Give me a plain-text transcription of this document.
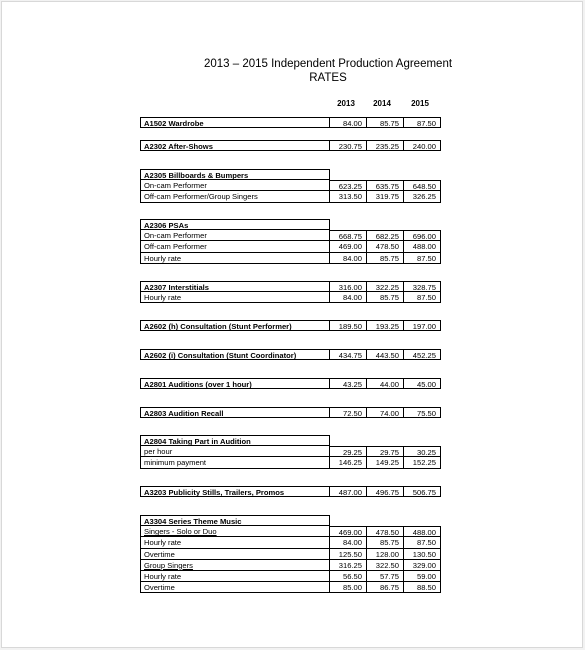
2013 – 2015 Independent Production Agreement
RATES
2013	2014	2015
A1502 Wardrobe	84.00	85.75	87.50
A2302 After-Shows	230.75	235.25	240.00
A2305 Billboards & Bumpers
On-cam Performer	623.25	635.75	648.50
Off-cam Performer/Group Singers	313.50	319.75	326.25
A2306 PSAs
On-cam Performer	668.75	682.25	696.00
Off-cam Performer	469.00	478.50	488.00
Hourly rate	84.00	85.75	87.50
A2307 Interstitials	316.00	322.25	328.75
Hourly rate	84.00	85.75	87.50
A2602 (h) Consultation (Stunt Performer)	189.50	193.25	197.00
A2602 (i) Consultation (Stunt Coordinator)	434.75	443.50	452.25
A2801 Auditions (over 1 hour)	43.25	44.00	45.00
A2803 Audition Recall	72.50	74.00	75.50
A2804 Taking Part in Audition
per hour	29.25	29.75	30.25
minimum payment	146.25	149.25	152.25
A3203 Publicity Stills, Trailers, Promos	487.00	496.75	506.75
A3304 Series Theme Music
Singers - Solo or Duo	469.00	478.50	488.00
Hourly rate	84.00	85.75	87.50
Overtime	125.50	128.00	130.50
Group Singers	316.25	322.50	329.00
Hourly rate	56.50	57.75	59.00
Overtime	85.00	86.75	88.50
